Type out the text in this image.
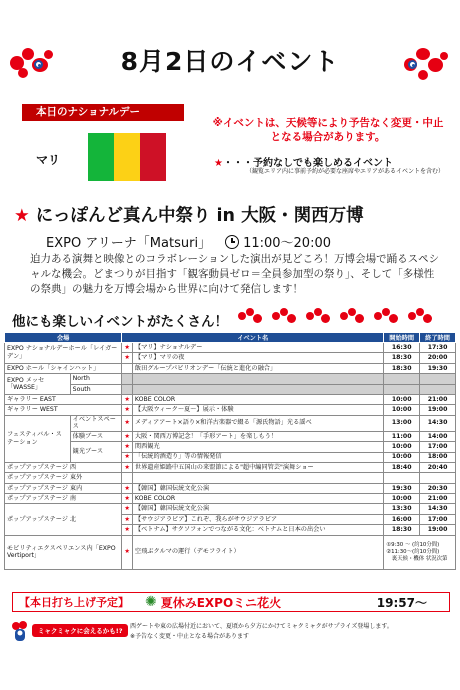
8月2日のイベント
本日のナショナルデー
マリ
※イベントは、天候等により予告なく変更・中止となる場合があります。
★・・・予約なしでも楽しめるイベント
（観覧エリア内に事前予約が必要な座席やエリアがあるイベントを含む）
★ にっぽんど真ん中祭り in 大阪・関西万博
EXPO アリーナ「Matsuri」 11:00〜20:00
迫力ある演舞と映像とのコラボレーションした演出が見どころ！万博会場で踊るスペシャルな機会。どまつりが目指す「観客動員ゼロ＝全員参加型の祭り」、そして「多様性の祭典」の魅力を万博会場から世界に向けて発信します！
他にも楽しいイベントがたくさん！
会場		イベント名		開始時間	終了時間
EXPO ナショナルデーホール「レイガーデン」		★	【マリ】ナショナルデー	16:30	17:30
		★	【マリ】マリの夜	18:30	20:00
EXPO ホール「シャインハット」			飯田グループパビリオンデー「伝統と進化の融合」	18:30	19:30
EXPO メッセ「WASSE」	North				
	South				
ギャラリー EAST		★	KOBE COLOR	10:00	21:00
ギャラリー WEST		★	【大阪ウィーク〜夏〜】展示・体験	10:00	19:00
フェスティバル・ステーション	イベントスペース	★	メディアアート×語り×和洋古楽器で綴る「源氏物語」光る謡べ	13:00	14:30
	体験ブース	★	大阪・関西万博記念！「手形アート」を楽しもう！	11:00	14:00
	観光ブース	★	関西観光	10:00	17:00
		★	「伝統的酒造り」等の情報発信	10:00	18:00
ポップアップステージ 西		★	世界遺産姫路中五国山の来盟節による"超中編同管芸"演舞ショー	18:40	20:40
ポップアップステージ 東外					
ポップアップステージ 東内		★	【韓国】韓国伝統文化公演	19:30	20:30
ポップアップステージ 南		★	KOBE COLOR	10:00	21:00
ポップアップステージ 北		★	【韓国】韓国伝統文化公演	13:30	14:30
		★	【サウジアラビア】これぞ、我らがサウジアラビア	16:00	17:00
		★	【ベトナム】サクソフォンでつながる文化：ベトナムと日本の出会い	18:30	19:00
モビリティエクスペリエンス内「EXPO Vertiport」		★	空飛ぶクルマの運行（デモフライト）	①9:30 〜 (約10分間)
②11:30〜(約10分間)
裏天候・機体 状況次第	
【本日打ち上げ予定】 ✺ 夏休みEXPOミニ花火	19:57〜
ミャクミャクに会えるかも!?
西ゲートや東の広場付近において、夏頃から夕方にかけてミャクミャクがサプライズ登場します。
※予告なく変更・中止となる場合があります
